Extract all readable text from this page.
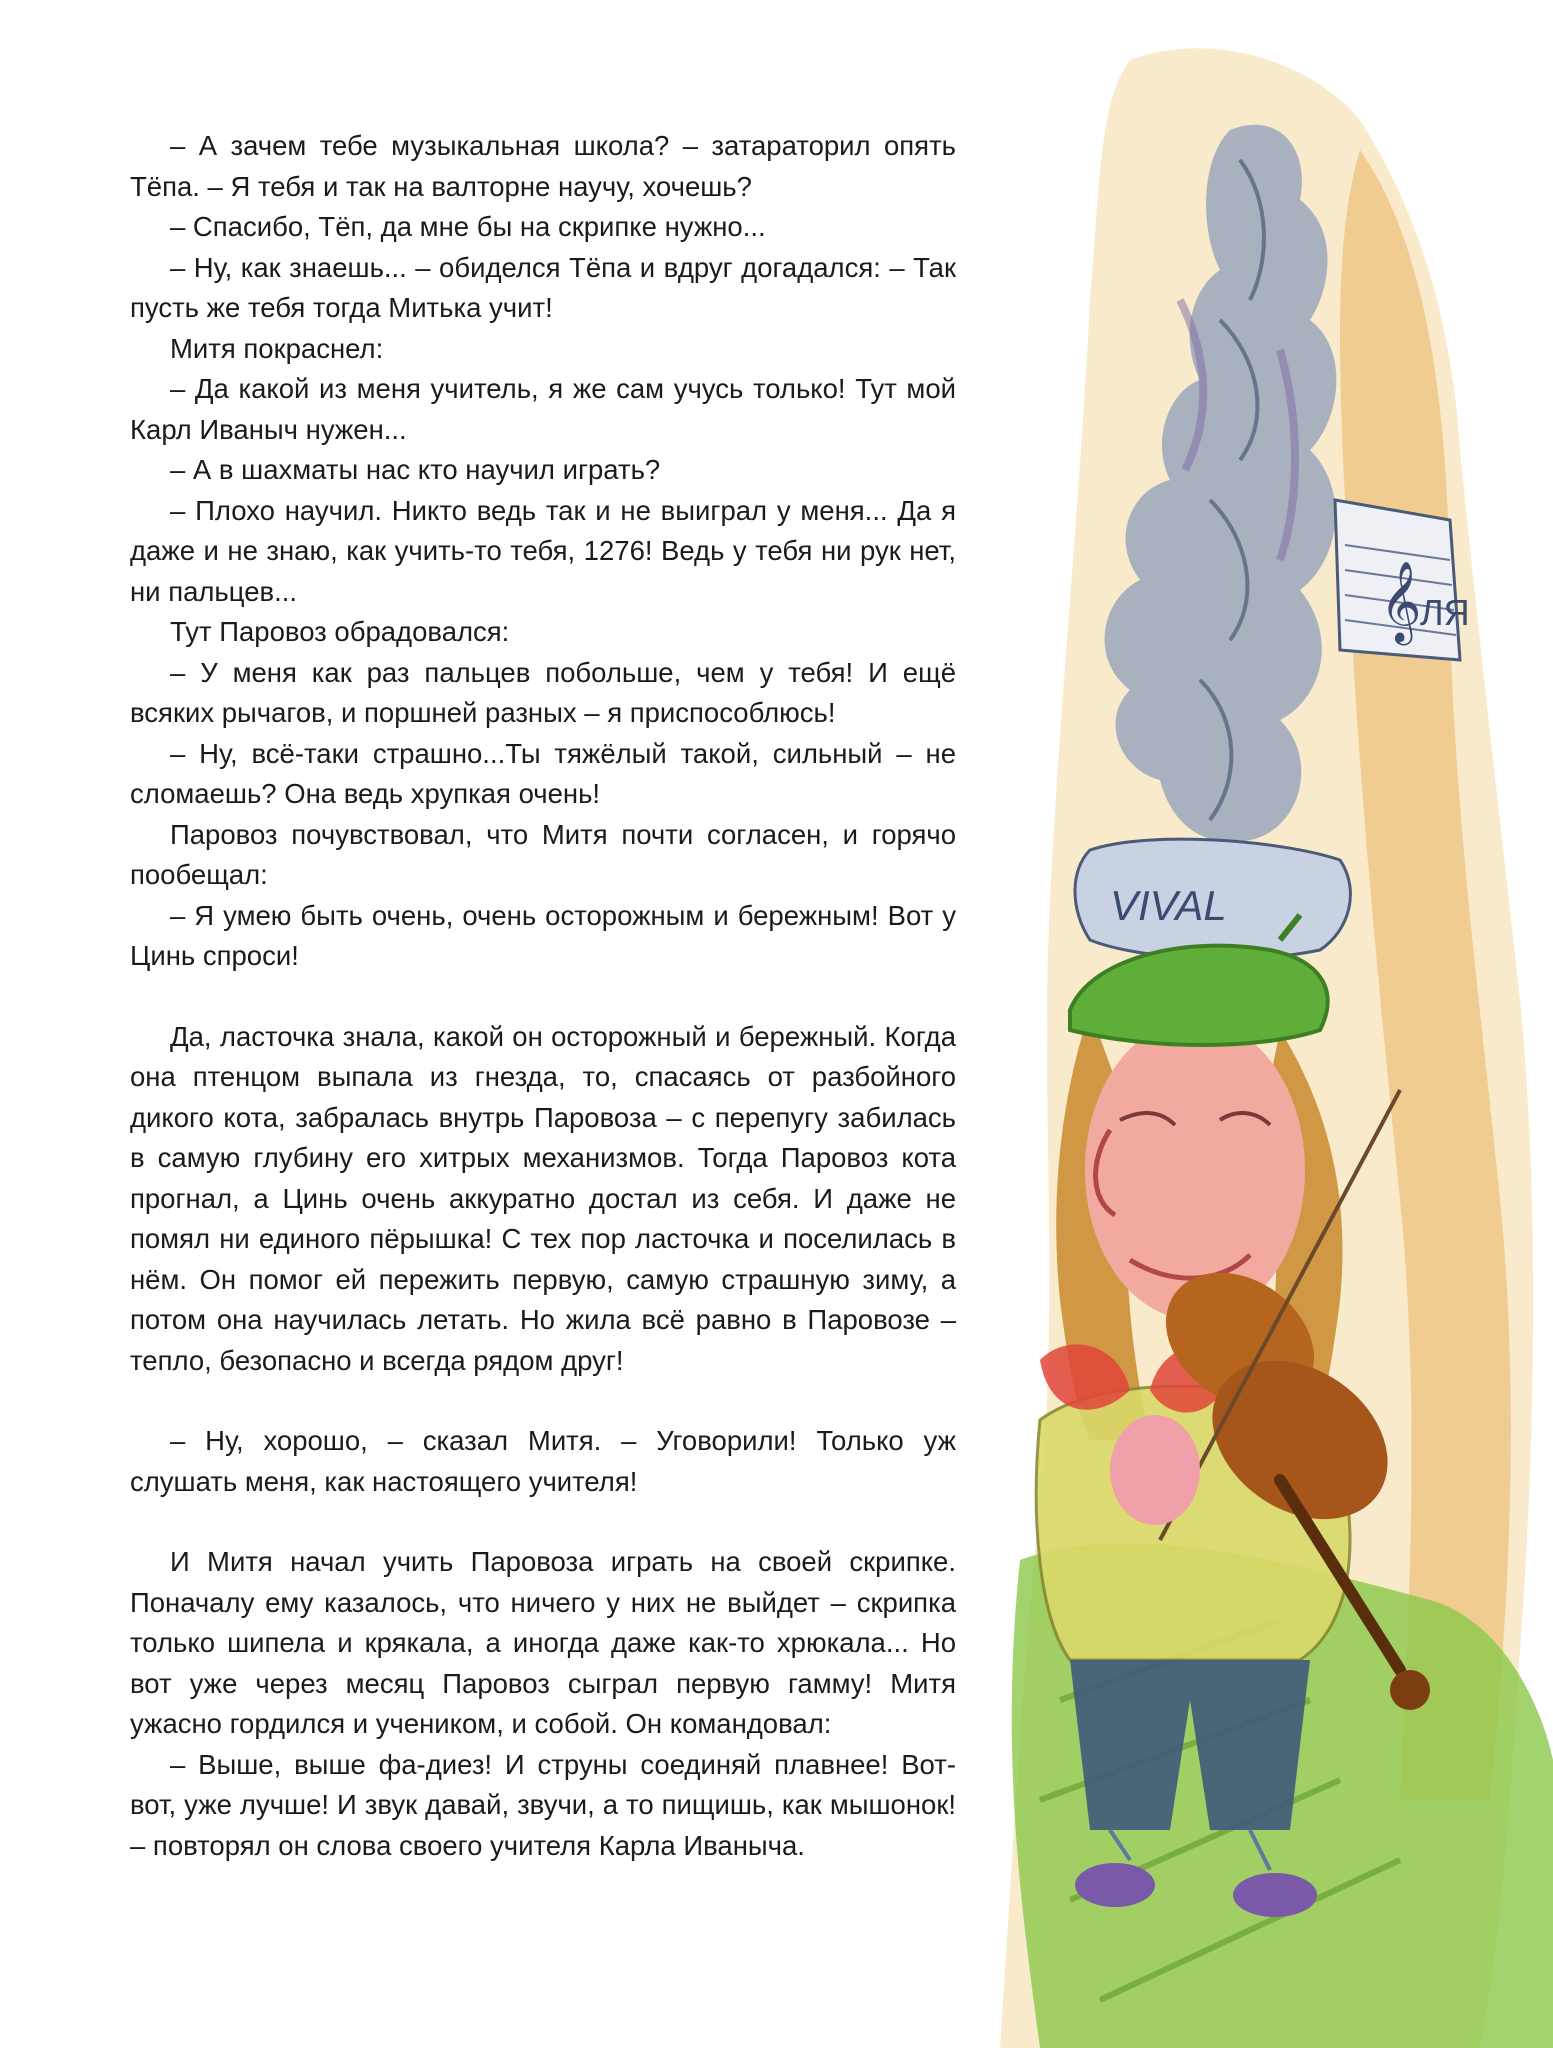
– А зачем тебе музыкальная школа? – затараторил опять Тёпа. – Я тебя и так на валторне научу, хочешь?

– Спасибо, Тёп, да мне бы на скрипке нужно...

– Ну, как знаешь... – обиделся Тёпа и вдруг догадался: – Так пусть же тебя тогда Митька учит!

Митя покраснел:

– Да какой из меня учитель, я же сам учусь только! Тут мой Карл Иваныч нужен...

– А в шахматы нас кто научил играть?

– Плохо научил. Никто ведь так и не выиграл у меня... Да я даже и не знаю, как учить-то тебя, 1276! Ведь у тебя ни рук нет, ни пальцев...

Тут Паровоз обрадовался:

– У меня как раз пальцев побольше, чем у тебя! И ещё всяких рычагов, и поршней разных – я приспособлюсь!

– Ну, всё-таки страшно...Ты тяжёлый такой, сильный – не сломаешь? Она ведь хрупкая очень!

Паровоз почувствовал, что Митя почти согласен, и горячо пообещал:

– Я умею быть очень, очень осторожным и бережным! Вот у Цинь спроси!

Да, ласточка знала, какой он осторожный и бережный. Когда она птенцом выпала из гнезда, то, спасаясь от разбойного дикого кота, забралась внутрь Паровоза – с перепугу забилась в самую глубину его хитрых механизмов. Тогда Паровоз кота прогнал, а Цинь очень аккуратно достал из себя. И даже не помял ни единого пёрышка! С тех пор ласточка и поселилась в нём. Он помог ей пережить первую, самую страшную зиму, а потом она научилась летать. Но жила всё равно в Паровозе – тепло, безопасно и всегда рядом друг!

– Ну, хорошо, – сказал Митя. – Уговорили! Только уж слушать меня, как настоящего учителя!

И Митя начал учить Паровоза играть на своей скрипке. Поначалу ему казалось, что ничего у них не выйдет – скрипка только шипела и крякала, а иногда даже как-то хрюкала... Но вот уже через месяц Паровоз сыграл первую гамму! Митя ужасно гордился и учеником, и собой. Он командовал:

– Выше, выше фа-диез! И струны соединяй плавнее! Вот-вот, уже лучше! И звук давай, звучи, а то пищишь, как мышонок! – повторял он слова своего учителя Карла Иваныча.

𝄞
ЛЯ
VIVAL
